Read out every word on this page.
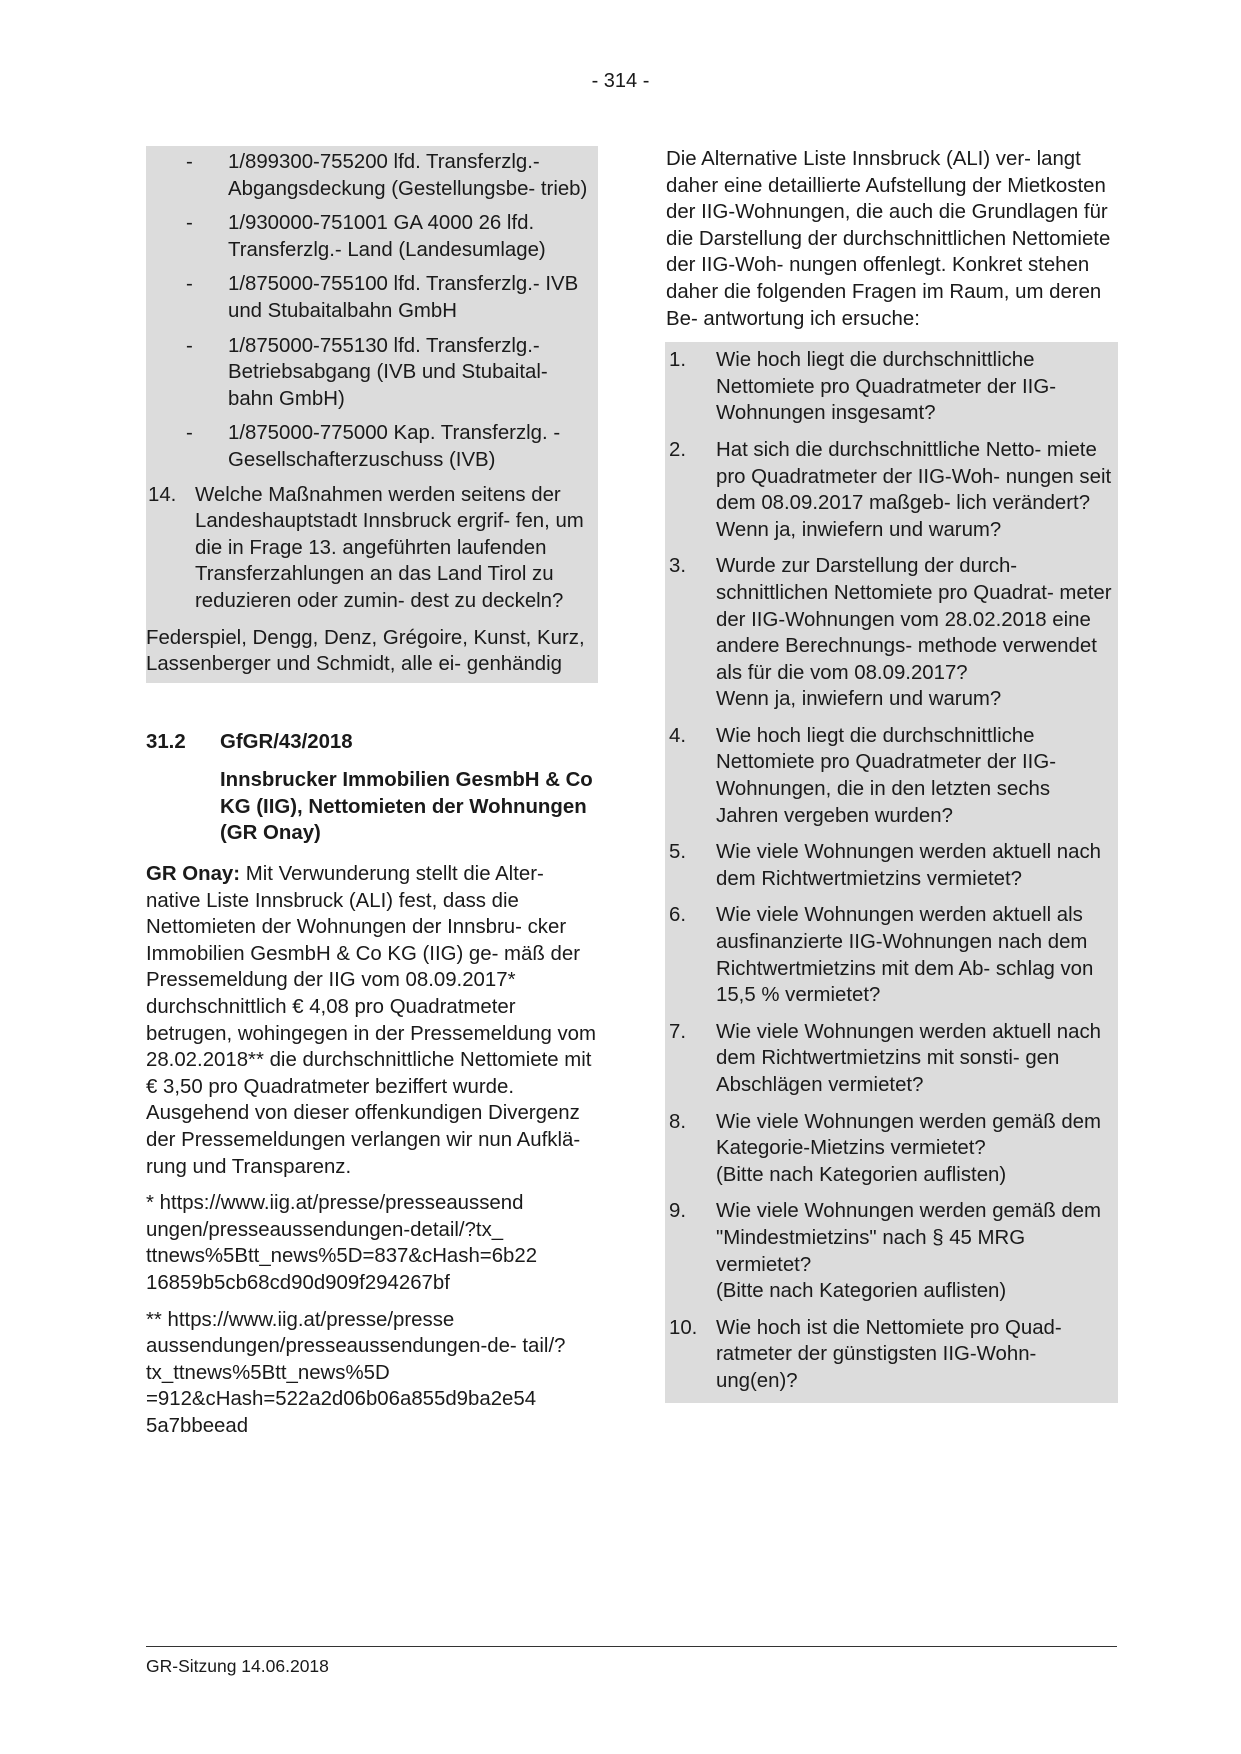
- 314 -
-	1/899300-755200 lfd. Transferzlg.- Abgangsdeckung (Gestellungsbe- trieb)
-	1/930000-751001 GA 4000 26 lfd. Transferzlg.- Land (Landesumlage)
-	1/875000-755100 lfd. Transferzlg.- IVB und Stubaitalbahn GmbH
-	1/875000-755130 lfd. Transferzlg.- Betriebsabgang (IVB und Stubaital- bahn GmbH)
-	1/875000-775000 Kap. Transferzlg. - Gesellschafterzuschuss (IVB)
14. Welche Maßnahmen werden seitens der Landeshauptstadt Innsbruck ergrif- fen, um die in Frage 13. angeführten laufenden Transferzahlungen an das Land Tirol zu reduzieren oder zumin- dest zu deckeln?

Federspiel, Dengg, Denz, Grégoire, Kunst, Kurz, Lassenberger und Schmidt, alle ei- genhändig

31.2	GfGR/43/2018
Innsbrucker Immobilien GesmbH & Co KG (IIG), Nettomieten der Wohnungen (GR Onay)

GR Onay: Mit Verwunderung stellt die Alter- native Liste Innsbruck (ALI) fest, dass die Nettomieten der Wohnungen der Innsbru- cker Immobilien GesmbH & Co KG (IIG) ge- mäß der Pressemeldung der IIG vom 08.09.2017* durchschnittlich € 4,08 pro Quadratmeter betrugen, wohingegen in der Pressemeldung vom 28.02.2018** die durchschnittliche Nettomiete mit € 3,50 pro Quadratmeter beziffert wurde. Ausgehend von dieser offenkundigen Divergenz der Pressemeldungen verlangen wir nun Aufklä- rung und Transparenz.

* https://www.iig.at/presse/presseaussend ungen/presseaussendungen-detail/?tx_ ttnews%5Btt_news%5D=837&cHash=6b22 16859b5cb68cd90d909f294267bf

** https://www.iig.at/presse/presse aussendungen/presseaussendungen-de- tail/?tx_ttnews%5Btt_news%5D =912&cHash=522a2d06b06a855d9ba2e54 5a7bbeead

Die Alternative Liste Innsbruck (ALI) ver- langt daher eine detaillierte Aufstellung der Mietkosten der IIG-Wohnungen, die auch die Grundlagen für die Darstellung der durchschnittlichen Nettomiete der IIG-Woh- nungen offenlegt. Konkret stehen daher die folgenden Fragen im Raum, um deren Be- antwortung ich ersuche:

1.	Wie hoch liegt die durchschnittliche Nettomiete pro Quadratmeter der IIG- Wohnungen insgesamt?
2.	Hat sich die durchschnittliche Netto- miete pro Quadratmeter der IIG-Woh- nungen seit dem 08.09.2017 maßgeb- lich verändert?
Wenn ja, inwiefern und warum?
3.	Wurde zur Darstellung der durch- schnittlichen Nettomiete pro Quadrat- meter der IIG-Wohnungen vom 28.02.2018 eine andere Berechnungs- methode verwendet als für die vom 08.09.2017?
Wenn ja, inwiefern und warum?
4.	Wie hoch liegt die durchschnittliche Nettomiete pro Quadratmeter der IIG- Wohnungen, die in den letzten sechs Jahren vergeben wurden?
5.	Wie viele Wohnungen werden aktuell nach dem Richtwertmietzins vermietet?
6.	Wie viele Wohnungen werden aktuell als ausfinanzierte IIG-Wohnungen nach dem Richtwertmietzins mit dem Ab- schlag von 15,5 % vermietet?
7.	Wie viele Wohnungen werden aktuell nach dem Richtwertmietzins mit sonsti- gen Abschlägen vermietet?
8.	Wie viele Wohnungen werden gemäß dem Kategorie-Mietzins vermietet?
(Bitte nach Kategorien auflisten)
9.	Wie viele Wohnungen werden gemäß dem "Mindestmietzins" nach § 45 MRG vermietet?
(Bitte nach Kategorien auflisten)
10. Wie hoch ist die Nettomiete pro Quad- ratmeter der günstigsten IIG-Wohn- ung(en)?
GR-Sitzung 14.06.2018
